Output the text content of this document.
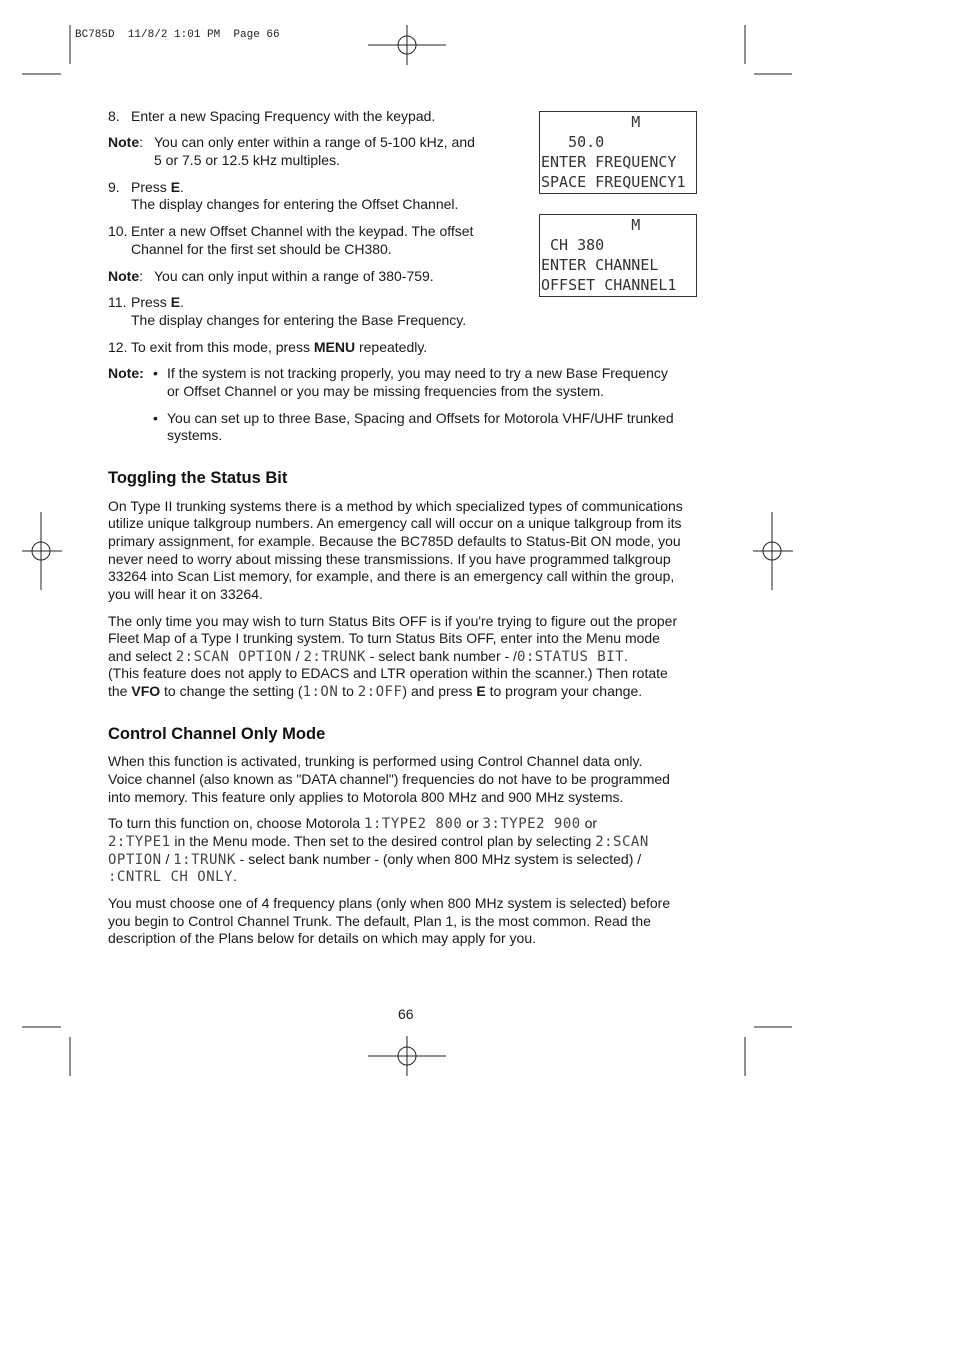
BC785D  11/8/2 1:01 PM  Page 66
8. Enter a new Spacing Frequency with the keypad.

Note: You can only enter within a range of 5-100 kHz, and

5 or 7.5 or 12.5 kHz multiples.

9. Press E.

The display changes for entering the Offset Channel.

10. Enter a new Offset Channel with the keypad. The offset

Channel for the first set should be CH380.

Note: You can only input within a range of 380-759.

11. Press E.

The display changes for entering the Base Frequency.

12. To exit from this mode, press MENU repeatedly.

Note: • If the system is not tracking properly, you may need to try a new Base Frequency

or Offset Channel or you may be missing frequencies from the system.

• You can set up to three Base, Spacing and Offsets for Motorola VHF/UHF trunked

systems.

M
50.0
ENTER FREQUENCY
SPACE FREQUENCY1
M
CH 380
ENTER CHANNEL
OFFSET CHANNEL1
Toggling the Status Bit

On Type II trunking systems there is a method by which specialized types of communications

utilize unique talkgroup numbers. An emergency call will occur on a unique talkgroup from its

primary assignment, for example. Because the BC785D defaults to Status-Bit ON mode, you

never need to worry about missing these transmissions. If you have programmed talkgroup

33264 into Scan List memory, for example, and there is an emergency call within the group,

you will hear it on 33264.

The only time you may wish to turn Status Bits OFF is if you're trying to figure out the proper

Fleet Map of a Type I trunking system. To turn Status Bits OFF, enter into the Menu mode

and select 2:SCAN OPTION / 2:TRUNK - select bank number - /0:STATUS BIT.

(This feature does not apply to EDACS and LTR operation within the scanner.) Then rotate

the VFO to change the setting (1:ON to 2:OFF) and press E to program your change.

Control Channel Only Mode

When this function is activated, trunking is performed using Control Channel data only.

Voice channel (also known as "DATA channel") frequencies do not have to be programmed

into memory. This feature only applies to Motorola 800 MHz and 900 MHz systems.

To turn this function on, choose Motorola 1:TYPE2 800 or 3:TYPE2 900 or

2:TYPE1 in the Menu mode. Then set to the desired control plan by selecting 2:SCAN

OPTION / 1:TRUNK - select bank number - (only when 800 MHz system is selected) /

:CNTRL CH ONLY.

You must choose one of 4 frequency plans (only when 800 MHz system is selected) before

you begin to Control Channel Trunk. The default, Plan 1, is the most common. Read the

description of the Plans below for details on which may apply for you.

66
